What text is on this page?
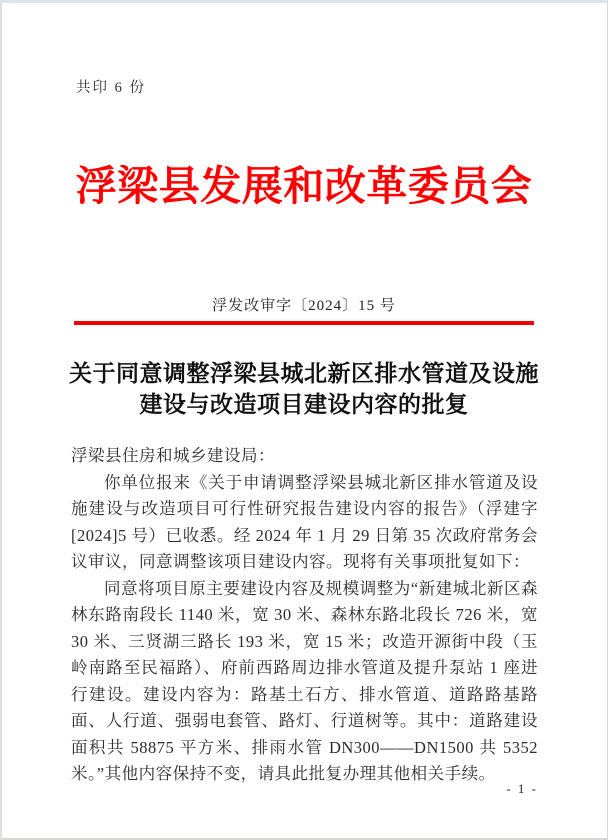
共印 6 份
浮梁县发展和改革委员会
浮发改审字〔2024〕15 号
关于同意调整浮梁县城北新区排水管道及设施
建设与改造项目建设内容的批复

浮梁县住房和城乡建设局：

你单位报来《关于申请调整浮梁县城北新区排水管道及设施建设与改造项目可行性研究报告建设内容的报告》（浮建字[2024]5 号）已收悉。经 2024 年 1 月 29 日第 35 次政府常务会议审议，同意调整该项目建设内容。现将有关事项批复如下：

同意将项目原主要建设内容及规模调整为“新建城北新区森林东路南段长 1140 米，宽 30 米、森林东路北段长 726 米，宽 30 米、三贤湖三路长 193 米，宽 15 米；改造开源街中段（玉岭南路至民福路）、府前西路周边排水管道及提升泵站 1 座进行建设。建设内容为：路基土石方、排水管道、道路路基路面、人行道、强弱电套管、路灯、行道树等。其中：道路建设面积共 58875 平方米、排雨水管 DN300——DN1500 共 5352 米。”其他内容保持不变，请具此批复办理其他相关手续。

- 1 -
